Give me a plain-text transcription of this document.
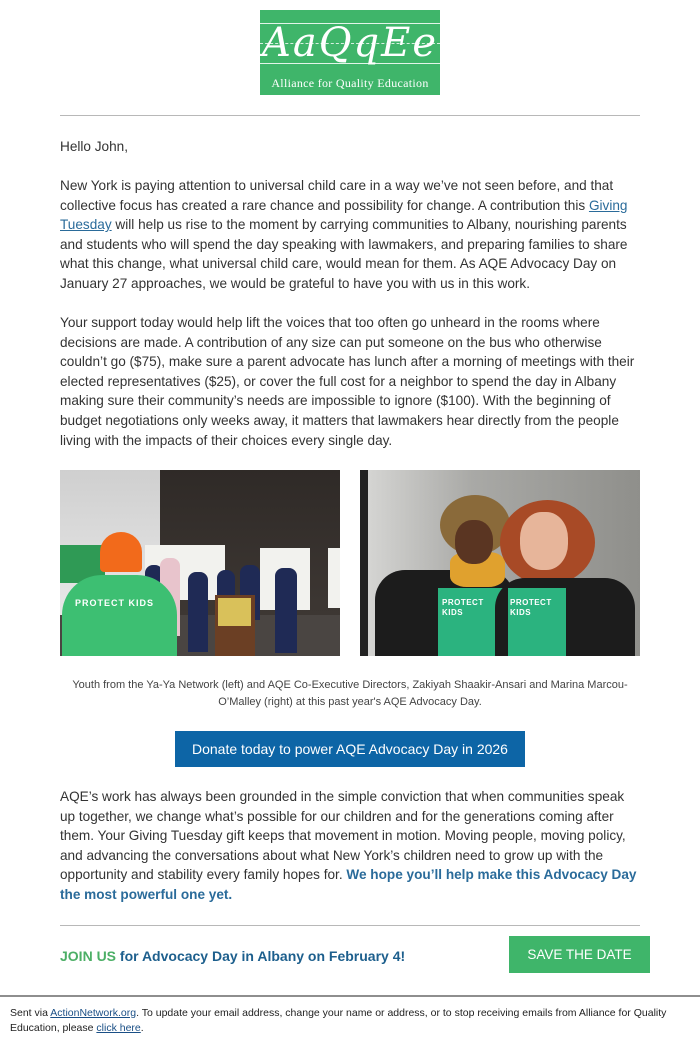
AaQqEe
Alliance for Quality Education
Hello John,
New York is paying attention to universal child care in a way we’ve not seen before, and that collective focus has created a rare chance and possibility for change. A contribution this Giving Tuesday will help us rise to the moment by carrying communities to Albany, nourishing parents and students who will spend the day speaking with lawmakers, and preparing families to share what this change, what universal child care, would mean for them. As AQE Advocacy Day on January 27 approaches, we would be grateful to have you with us in this work.
Your support today would help lift the voices that too often go unheard in the rooms where decisions are made. A contribution of any size can put someone on the bus who otherwise couldn’t go ($75), make sure a parent advocate has lunch after a morning of meetings with their elected representatives ($25), or cover the full cost for a neighbor to spend the day in Albany making sure their community’s needs are impossible to ignore ($100). With the beginning of budget negotiations only weeks away, it matters that lawmakers hear directly from the people living with the impacts of their choices every single day.
PROTECT KIDS	PROTECT
KIDS
PROTECT
KIDS
Youth from the Ya-Ya Network (left) and AQE Co-Executive Directors, Zakiyah Shaakir-Ansari and Marina Marcou-O’Malley (right) at this past year's AQE Advocacy Day.
Donate today to power AQE Advocacy Day in 2026
AQE’s work has always been grounded in the simple conviction that when communities speak up together, we change what’s possible for our children and for the generations coming after them. Your Giving Tuesday gift keeps that movement in motion. Moving people, moving policy, and advancing the conversations about what New York’s children need to grow up with the opportunity and stability every family hopes for. We hope you’ll help make this Advocacy Day the most powerful one yet.
JOIN US for Advocacy Day in Albany on February 4!	SAVE THE DATE
Sent via ActionNetwork.org. To update your email address, change your name or address, or to stop receiving emails from Alliance for Quality Education, please click here.
